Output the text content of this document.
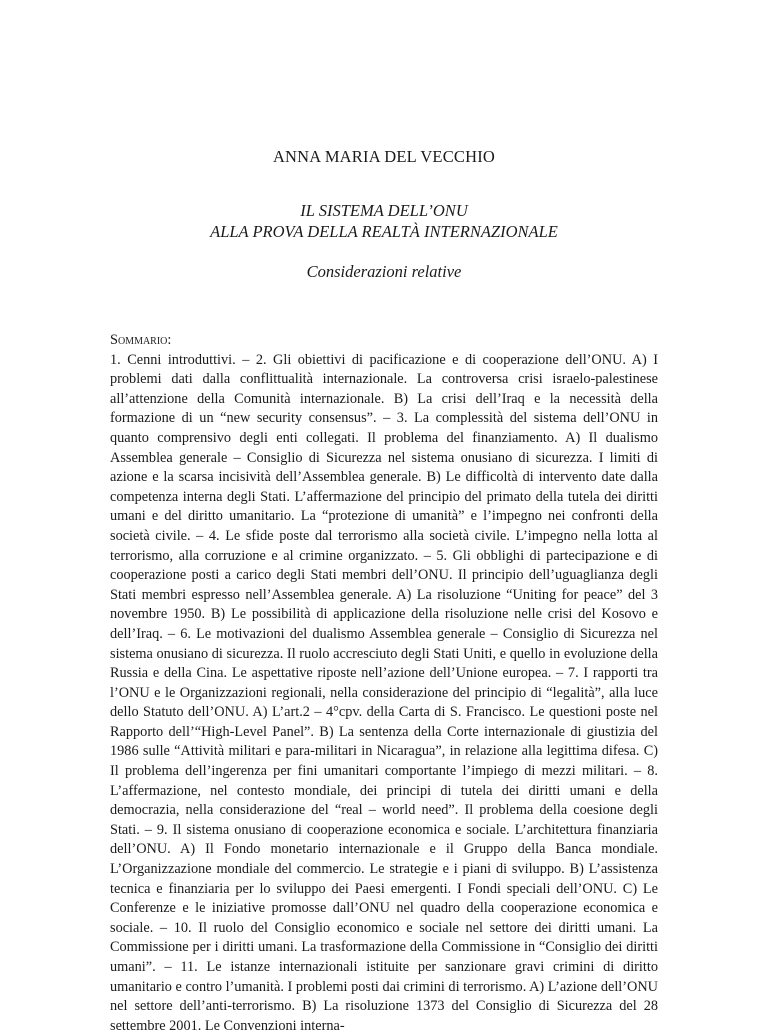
ANNA MARIA DEL VECCHIO
IL SISTEMA DELL’ONU
ALLA PROVA DELLA REALTÀ INTERNAZIONALE
Considerazioni relative
Sommario:
1. Cenni introduttivi. – 2. Gli obiettivi di pacificazione e di cooperazione dell’ONU. A) I problemi dati dalla conflittualità internazionale. La controversa crisi israelo-palestinese all’attenzione della Comunità internazionale. B) La crisi dell’Iraq e la necessità della formazione di un “new security consensus”. – 3. La complessità del sistema dell’ONU in quanto comprensivo degli enti collegati. Il problema del finanziamento. A) Il dualismo Assemblea generale – Consiglio di Sicurezza nel sistema onusiano di sicurezza. I limiti di azione e la scarsa incisività dell’Assemblea generale. B) Le difficoltà di intervento date dalla competenza interna degli Stati. L’affermazione del principio del primato della tutela dei diritti umani e del diritto umanitario. La “protezione di umanità” e l’impegno nei confronti della società civile. – 4. Le sfide poste dal terrorismo alla società civile. L’impegno nella lotta al terrorismo, alla corruzione e al crimine organizzato. – 5. Gli obblighi di partecipazione e di cooperazione posti a carico degli Stati membri dell’ONU. Il principio dell’uguaglianza degli Stati membri espresso nell’Assemblea generale. A) La risoluzione “Uniting for peace” del 3 novembre 1950. B) Le possibilità di applicazione della risoluzione nelle crisi del Kosovo e dell’Iraq. – 6. Le motivazioni del dualismo Assemblea generale – Consiglio di Sicurezza nel sistema onusiano di sicurezza. Il ruolo accresciuto degli Stati Uniti, e quello in evoluzione della Russia e della Cina. Le aspettative riposte nell’azione dell’Unione europea. – 7. I rapporti tra l’ONU e le Organizzazioni regionali, nella considerazione del principio di “legalità”, alla luce dello Statuto dell’ONU. A) L’art.2 – 4°cpv. della Carta di S. Francisco. Le questioni poste nel Rapporto dell’“High-Level Panel”. B) La sentenza della Corte internazionale di giustizia del 1986 sulle “Attività militari e para-militari in Nicaragua”, in relazione alla legittima difesa. C) Il problema dell’ingerenza per fini umanitari comportante l’impiego di mezzi militari. – 8. L’affermazione, nel contesto mondiale, dei principi di tutela dei diritti umani e della democrazia, nella considerazione del “real – world need”. Il problema della coesione degli Stati. – 9. Il sistema onusiano di cooperazione economica e sociale. L’architettura finanziaria dell’ONU. A) Il Fondo monetario internazionale e il Gruppo della Banca mondiale. L’Organizzazione mondiale del commercio. Le strategie e i piani di sviluppo. B) L’assistenza tecnica e finanziaria per lo sviluppo dei Paesi emergenti. I Fondi speciali dell’ONU. C) Le Conferenze e le iniziative promosse dall’ONU nel quadro della cooperazione economica e sociale. – 10. Il ruolo del Consiglio economico e sociale nel settore dei diritti umani. La Commissione per i diritti umani. La trasformazione della Commissione in “Consiglio dei diritti umani”. – 11. Le istanze internazionali istituite per sanzionare gravi crimini di diritto umanitario e contro l’umanità. I problemi posti dai crimini di terrorismo. A) L’azione dell’ONU nel settore dell’anti-terrorismo. B) La risoluzione 1373 del Consiglio di Sicurezza del 28 settembre 2001. Le Convenzioni interna-
